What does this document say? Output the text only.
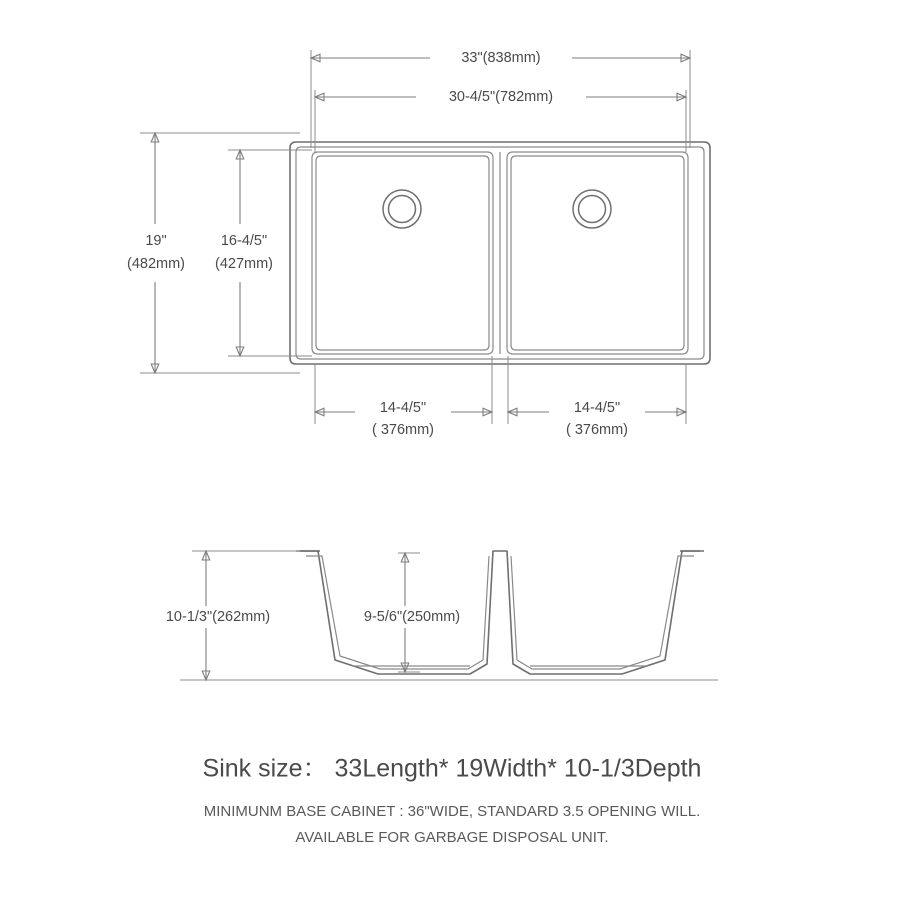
33"(838mm)
30-4/5"(782mm)
19"
(482mm)
16-4/5"
(427mm)
14-4/5"
( 376mm)
14-4/5"
( 376mm)
10-1/3"(262mm)	9-5/6"(250mm)
Sink size： 33Length* 19Width* 10-1/3Depth
MINIMUNM BASE CABINET : 36"WIDE, STANDARD 3.5 OPENING WILL.
AVAILABLE FOR GARBAGE DISPOSAL UNIT.
